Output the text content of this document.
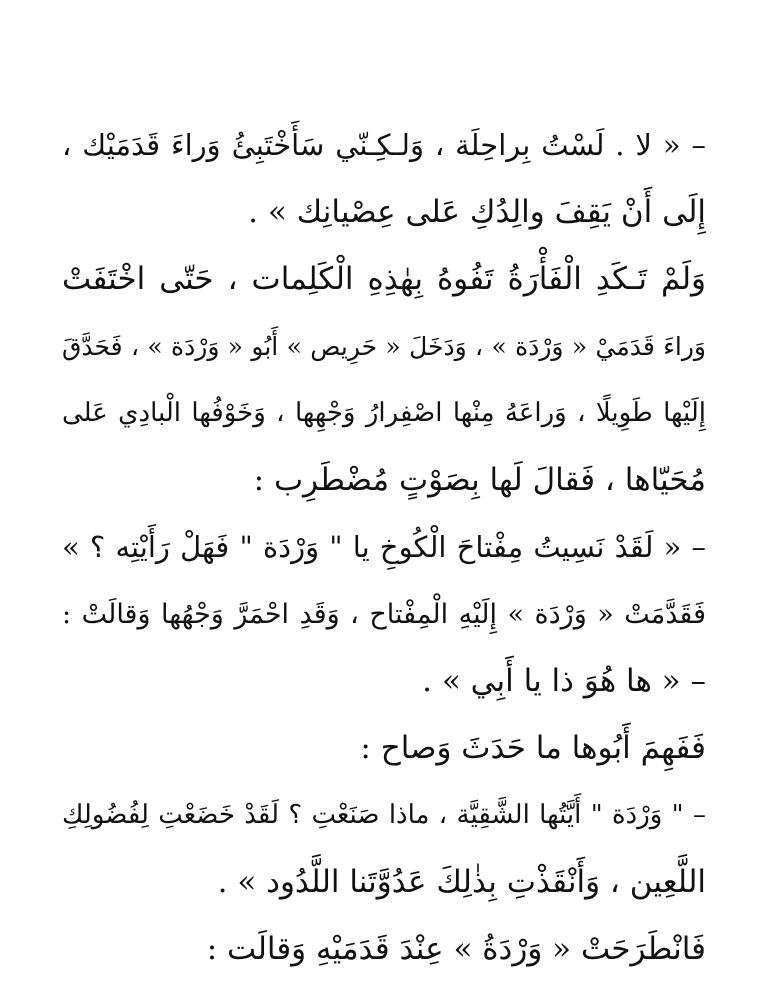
– « لا . لَسْتُ بِراحِلَة ، وَلـكِـنّي سَأَخْتَبِئُ وَراءَ قَدَمَيْك ،
إِلَى أَنْ يَقِفَ والِدُكِ عَلى عِصْيانِك » .
وَلَمْ تَـكَدِ الْفَأْرَةُ تَفُوهُ بِهٰذِهِ الْكَلِمات ، حَتّى اخْتَفَتْ
وَراءَ قَدَمَيْ « وَرْدَة » ، وَدَخَلَ « حَرِيص » أَبُو « وَرْدَة » ، فَحَدَّقَ
إِلَيْها طَوِيلًا ، وَراعَهُ مِنْها اصْفِرارُ وَجْهِها ، وَخَوْفُها الْبادِي عَلى
مُحَيّاها ، فَقالَ لَها بِصَوْتٍ مُضْطَرِب :
– « لَقَدْ نَسِيتُ مِفْتاحَ الْكُوخِ يا " وَرْدَة " فَهَلْ رَأَيْتِه ؟ »
فَقَدَّمَتْ « وَرْدَة » إِلَيْهِ الْمِفْتاح ، وَقَدِ احْمَرَّ وَجْهُها وَقالَتْ :
– « ها هُوَ ذا يا أَبِي » .
فَفَهِمَ أَبُوها ما حَدَثَ وَصاح :
– " وَرْدَة " أَيَّتُها الشَّقِيَّة ، ماذا صَنَعْتِ ؟ لَقَدْ خَضَعْتِ لِفُضُولِكِ
اللَّعِين ، وَأَنْقَذْتِ بِذٰلِكَ عَدُوَّتَنا اللَّدُود » .
فَانْطَرَحَتْ « وَرْدَةُ » عِنْدَ قَدَمَيْهِ وَقالَت :
